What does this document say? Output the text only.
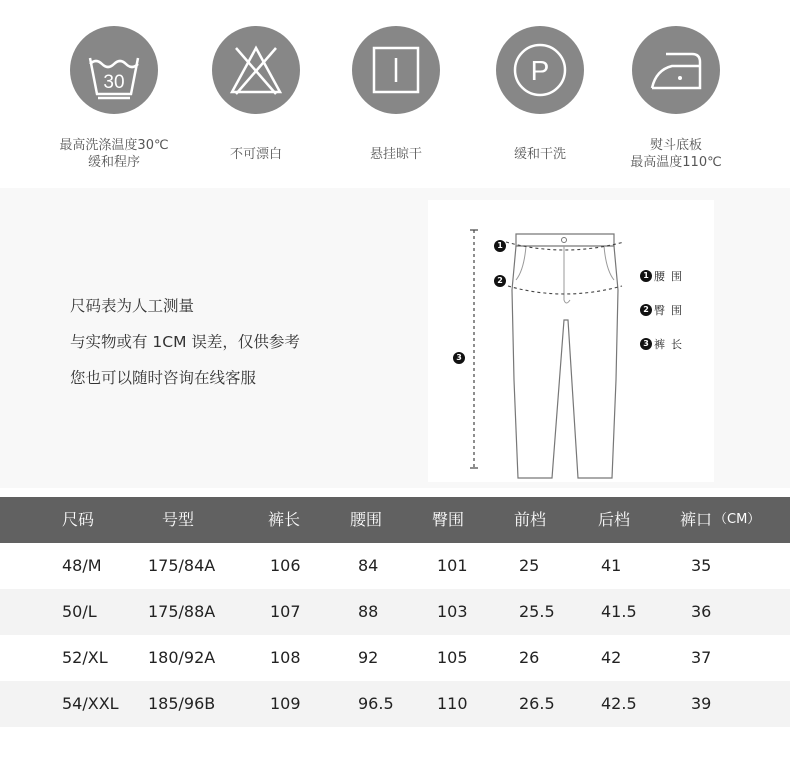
30
最高洗涤温度30℃
缓和程序
不可漂白	悬挂晾干
P
缓和干洗
熨斗底板
最高温度110℃
尺码表为人工测量
与实物或有 1CM 误差，仅供参考
您也可以随时咨询在线客服
1
2
3
1 腰围
2 臀围
3 裤长
尺码	号型	裤长	腰围	臀围	前档	后档	裤口 （CM）
48/M	175/84A	106	84	101	25	41	35
50/L	175/88A	107	88	103	25.5	41.5	36
52/XL	180/92A	108	92	105	26	42	37
54/XXL 185/96B	109	96.5	110	26.5	42.5	39
